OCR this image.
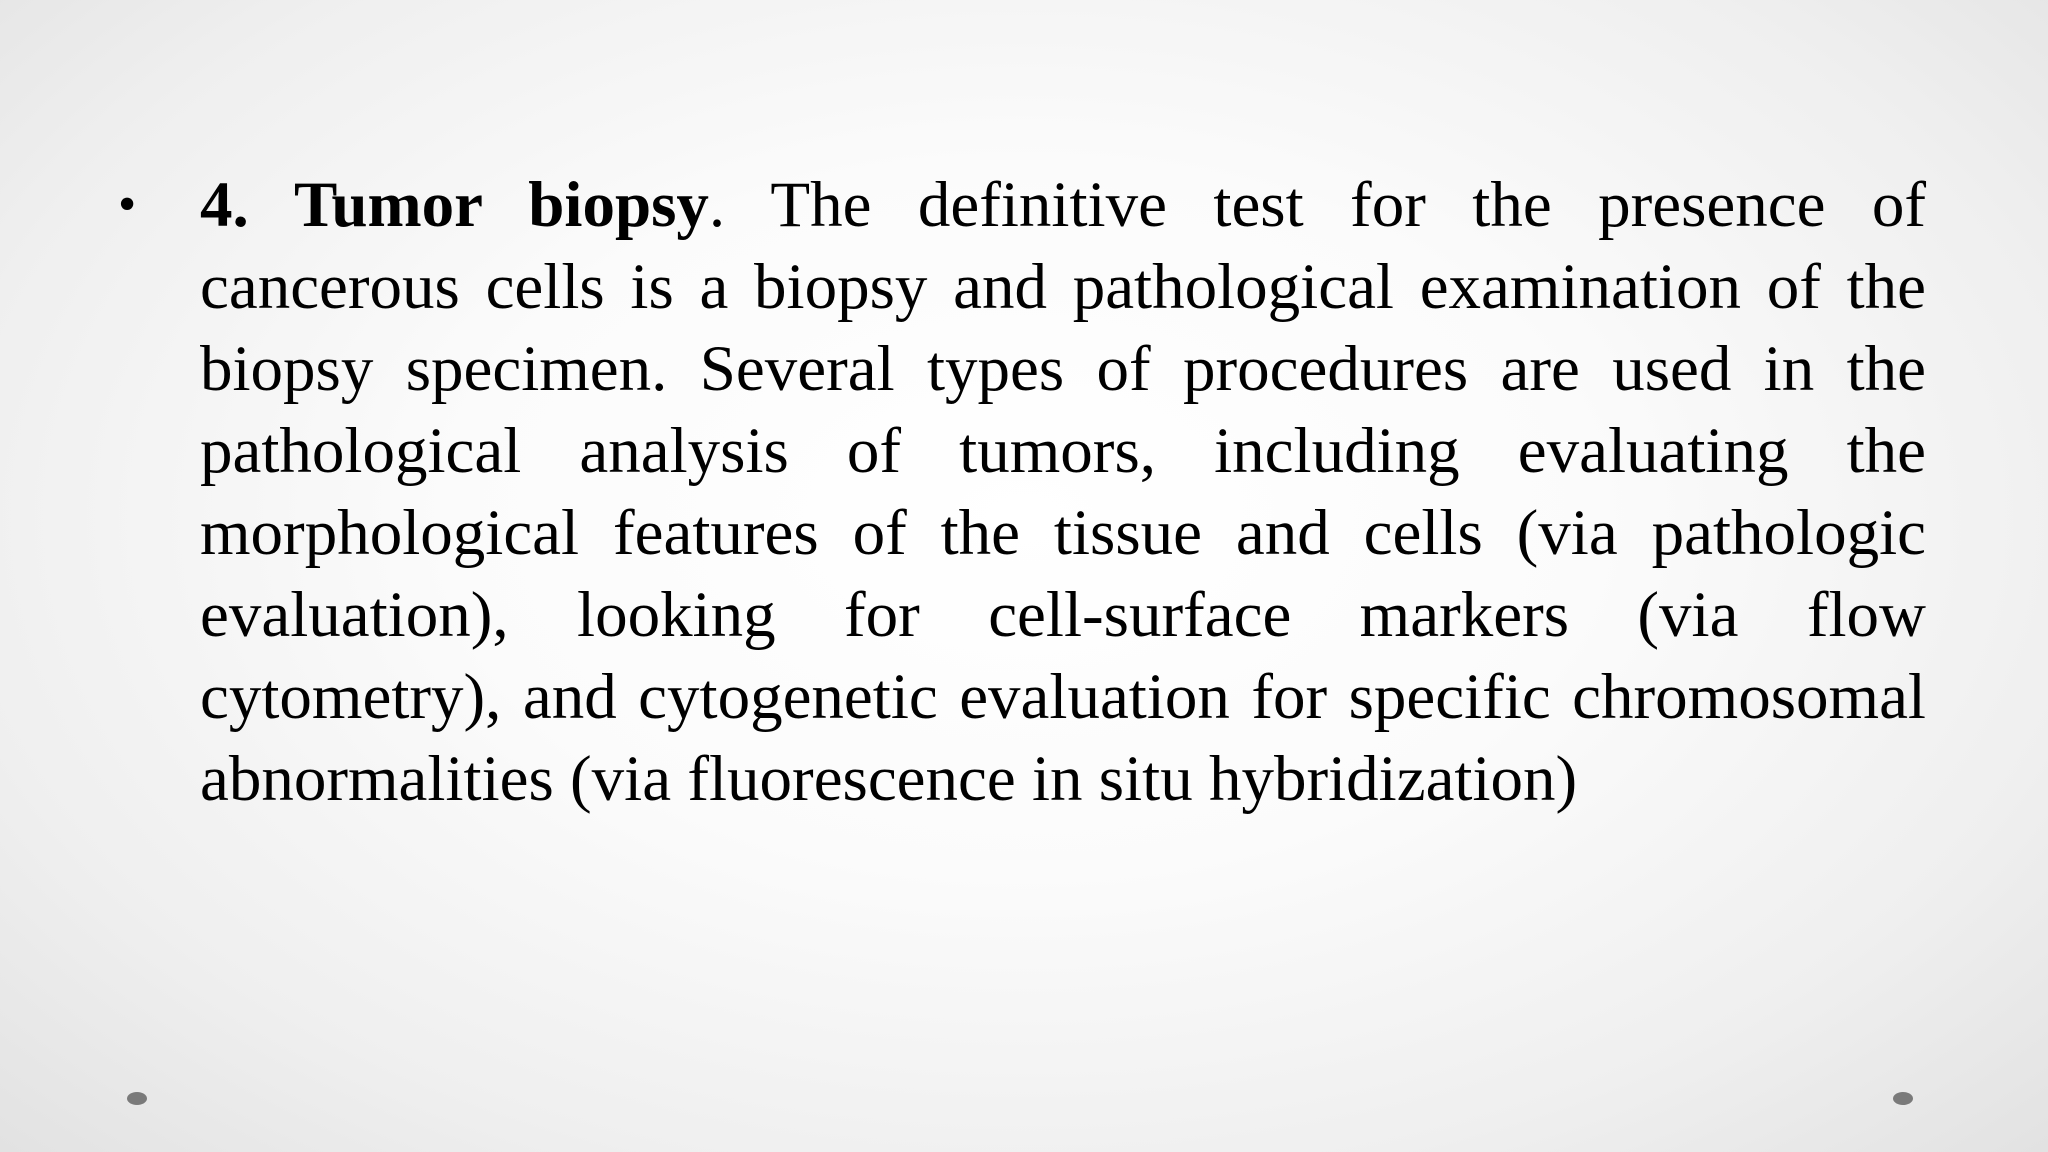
• 4. Tumor biopsy. The definitive test for the presence of cancerous cells is a biopsy and pathological examination of the biopsy specimen. Several types of procedures are used in the pathological analysis of tumors, including evaluating the morphological features of the tissue and cells (via pathologic evaluation), looking for cell-surface markers (via flow cytometry), and cytogenetic evaluation for specific chromosomal abnormalities (via fluorescence in situ hybridization)
